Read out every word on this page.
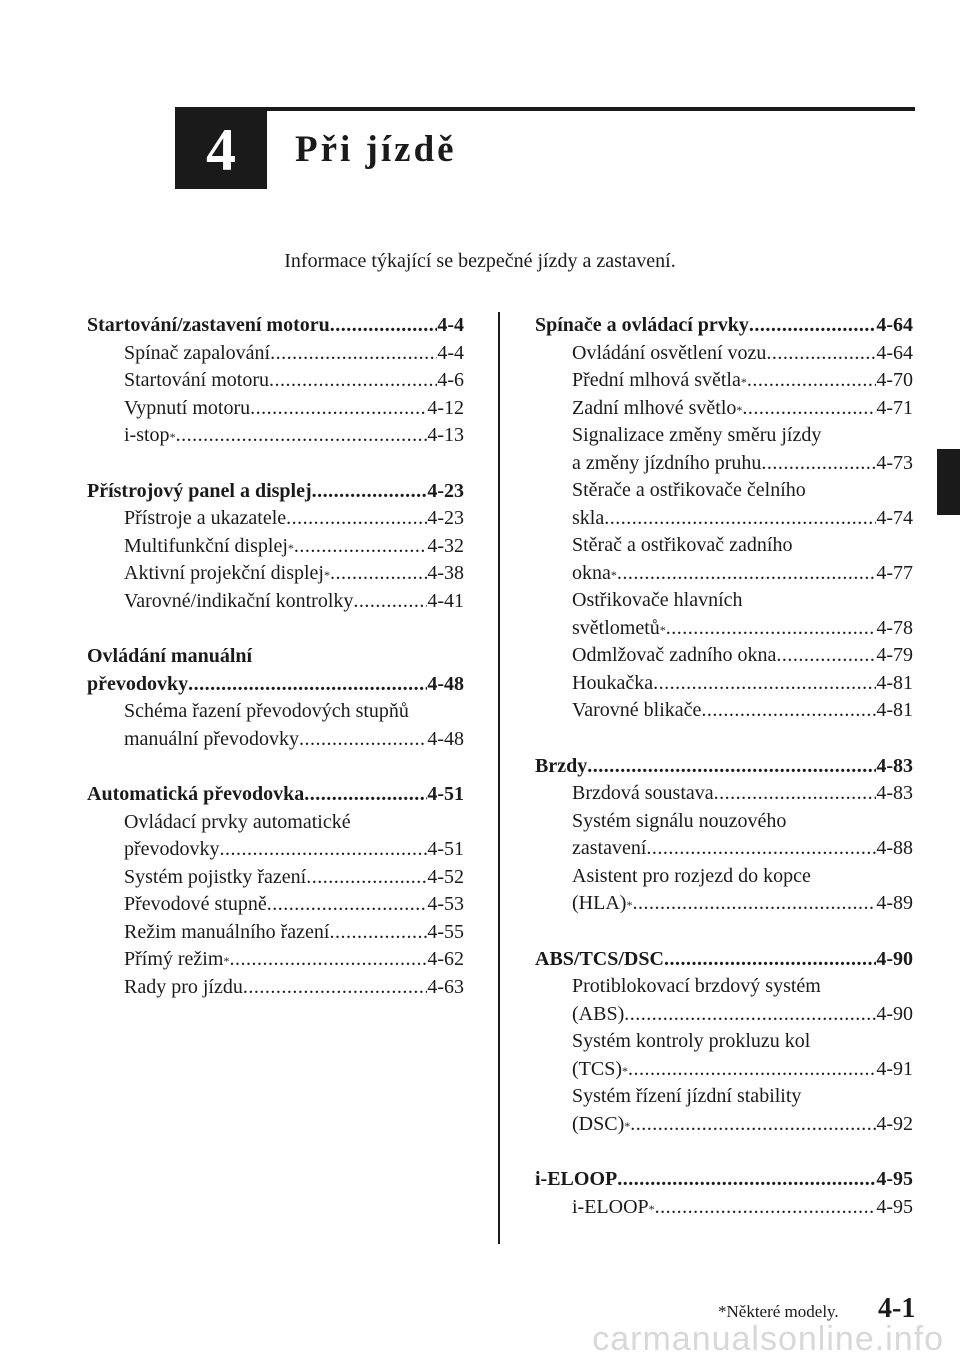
4	Při jízdě
Informace týkající se bezpečné jízdy a zastavení.
Startování/zastavení motoru .....	4-4
Spínač zapalování .....	4-4
Startování motoru .....	4-6
Vypnutí motoru .....	4-12
i-stop * .....	4-13
Přístrojový panel a displej .....	4-23
Přístroje a ukazatele .....	4-23
Multifunkční displej * .....	4-32
Aktivní projekční displej * .....	4-38
Varovné/indikační kontrolky .....	4-41
Ovládání manuální
převodovky .....	4-48
Schéma řazení převodových stupňů
manuální převodovky .....	4-48
Automatická převodovka .....	4-51
Ovládací prvky automatické
převodovky .....	4-51
Systém pojistky řazení .....	4-52
Převodové stupně .....	4-53
Režim manuálního řazení .....	4-55
Přímý režim * .....	4-62
Rady pro jízdu .....	4-63
Spínače a ovládací prvky .....	4-64
Ovládání osvětlení vozu .....	4-64
Přední mlhová světla * .....	4-70
Zadní mlhové světlo * .....	4-71
Signalizace změny směru jízdy
a změny jízdního pruhu .....	4-73
Stěrače a ostřikovače čelního
skla .....	4-74
Stěrač a ostřikovač zadního
okna * .....	4-77
Ostřikovače hlavních
světlometů * .....	4-78
Odmlžovač zadního okna .....	4-79
Houkačka .....	4-81
Varovné blikače .....	4-81
Brzdy .....	4-83
Brzdová soustava .....	4-83
Systém signálu nouzového
zastavení .....	4-88
Asistent pro rozjezd do kopce
(HLA) * .....	4-89
ABS/TCS/DSC .....	4-90
Protiblokovací brzdový systém
(ABS) .....	4-90
Systém kontroly prokluzu kol
(TCS) * .....	4-91
Systém řízení jízdní stability
(DSC) * .....	4-92
i-ELOOP .....	4-95
i-ELOOP * .....	4-95
*Některé modely. 4-1
carmanualsonline.info
